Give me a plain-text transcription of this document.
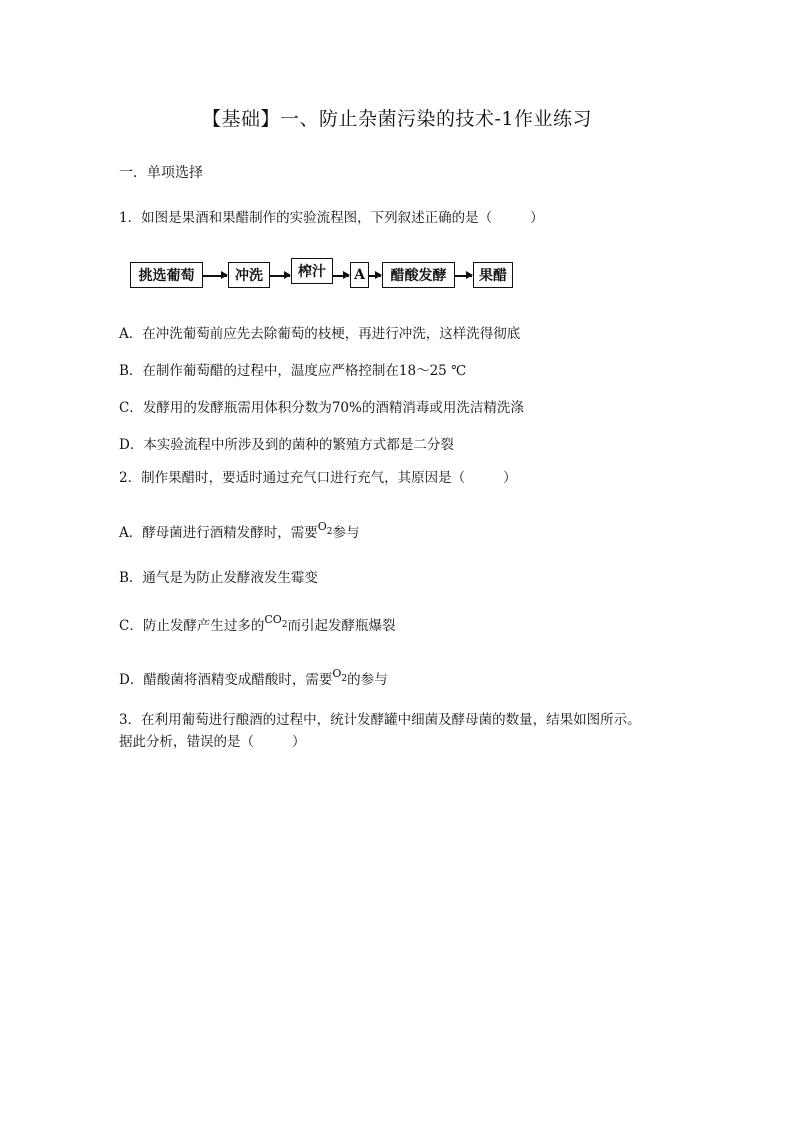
【基础】一、防止杂菌污染的技术-1作业练习
一．单项选择
1．如图是果酒和果醋制作的实验流程图，下列叙述正确的是（	）
挑选葡萄	冲洗	榨汁	A	醋酸发酵	果醋
A．在冲洗葡萄前应先去除葡萄的枝梗，再进行冲洗，这样洗得彻底
B．在制作葡萄醋的过程中，温度应严格控制在18～25 ℃
C．发酵用的发酵瓶需用体积分数为70%的酒精消毒或用洗洁精洗涤
D．本实验流程中所涉及到的菌种的繁殖方式都是二分裂
2．制作果醋时，要适时通过充气口进行充气，其原因是（	）
A．酵母菌进行酒精发酵时，需要$O_2$参与
B．通气是为防止发酵液发生霉变
C．防止发酵产生过多的$CO_2$而引起发酵瓶爆裂
D．醋酸菌将酒精变成醋酸时，需要$O_2$的参与
3．在利用葡萄进行酿酒的过程中，统计发酵罐中细菌及酵母菌的数量，结果如图所示。
据此分析，错误的是（	）
